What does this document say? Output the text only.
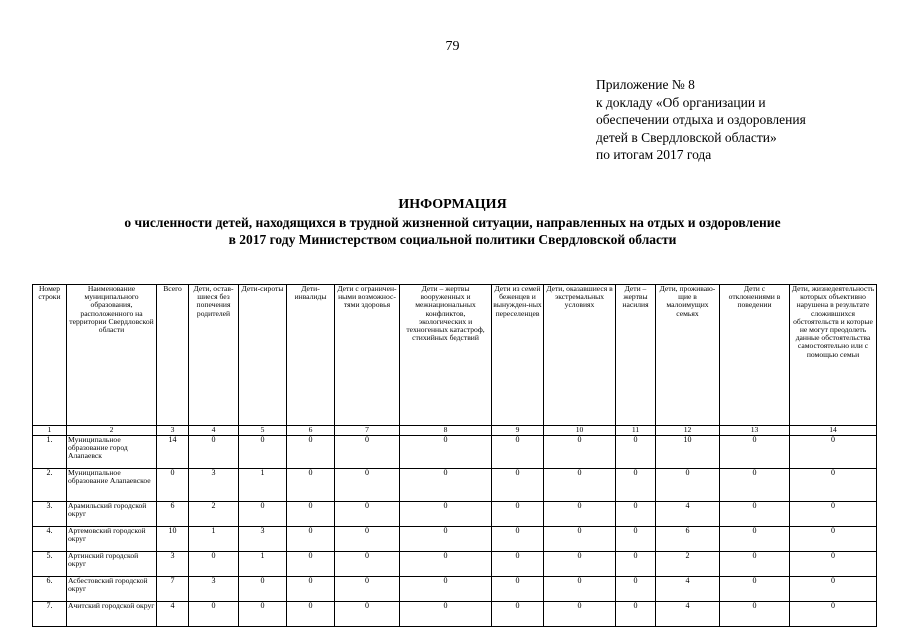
79
Приложение № 8
к докладу «Об организации и
обеспечении отдыха и оздоровления
детей в Свердловской области»
по итогам 2017 года
ИНФОРМАЦИЯ
о численности детей, находящихся в трудной жизненной ситуации, направленных на отдых и оздоровление
в 2017 году Министерством социальной политики Свердловской области
Номер строки	Наименование муниципального образования, расположенного на территории Свердловской области	Всего	Дети, остав-шиеся без попечения родителей	Дети-сироты	Дети-инвалиды	Дети с ограничен-ными возможнос-тями здоровья	Дети – жертвы вооруженных и межнациональных конфликтов, экологических и техногенных катастроф, стихийных бедствий	Дети из семей беженцев и вынужден-ных переселенцев	Дети, оказавшиеся в экстремальных условиях	Дети – жертвы насилия	Дети, проживаю-щие в малоимущих семьях	Дети с отклонениями в поведении	Дети, жизнедеятельность которых объективно нарушена в результате сложившихся обстоятельств и которые не могут преодолеть данные обстоятельства самостоятельно или с помощью семьи
1	2	3	4	5	6	7	8	9	10	11	12	13	14
1.	Муниципальное образование город Алапаевск	14	0	0	0	0	0	0	0	0	10	0	0
2.	Муниципальное образование Алапаевское	0	3	1	0	0	0	0	0	0	0	0	0
3.	Арамильский городской округ	6	2	0	0	0	0	0	0	0	4	0	0
4.	Артемовский городской округ	10	1	3	0	0	0	0	0	0	6	0	0
5.	Артинский городской округ	3	0	1	0	0	0	0	0	0	2	0	0
6.	Асбестовский городской округ	7	3	0	0	0	0	0	0	0	4	0	0
7.	Ачитский городской округ	4	0	0	0	0	0	0	0	0	4	0	0
